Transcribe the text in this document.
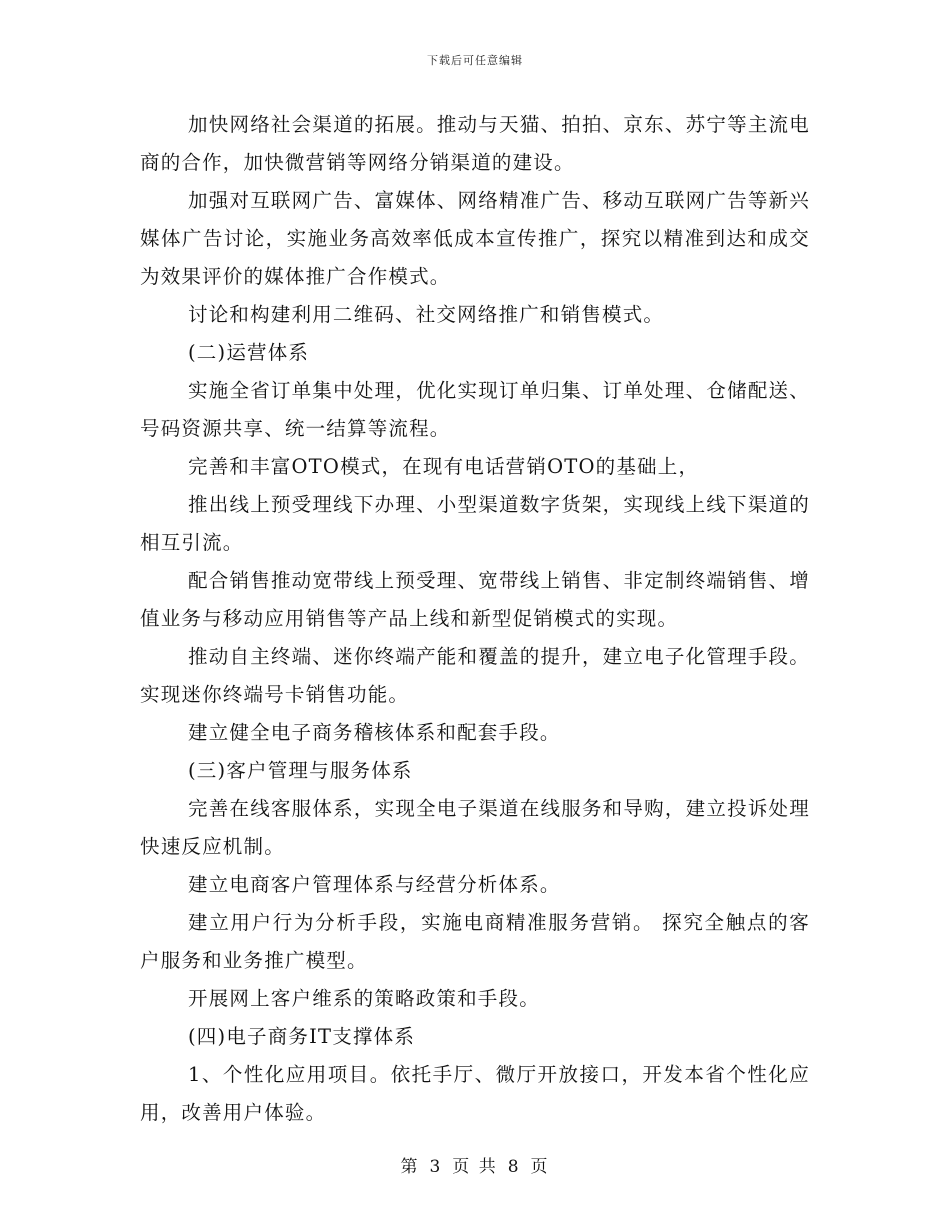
下载后可任意编辑

加快网络社会渠道的拓展。推动与天猫、拍拍、京东、苏宁等主流电商的合作，加快微营销等网络分销渠道的建设。

加强对互联网广告、富媒体、网络精准广告、移动互联网广告等新兴媒体广告讨论，实施业务高效率低成本宣传推广，探究以精准到达和成交为效果评价的媒体推广合作模式。

讨论和构建利用二维码、社交网络推广和销售模式。

(二)运营体系

实施全省订单集中处理，优化实现订单归集、订单处理、仓储配送、号码资源共享、统一结算等流程。

完善和丰富OTO模式，在现有电话营销OTO的基础上，

推出线上预受理线下办理、小型渠道数字货架，实现线上线下渠道的相互引流。

配合销售推动宽带线上预受理、宽带线上销售、非定制终端销售、增值业务与移动应用销售等产品上线和新型促销模式的实现。

推动自主终端、迷你终端产能和覆盖的提升，建立电子化管理手段。实现迷你终端号卡销售功能。

建立健全电子商务稽核体系和配套手段。

(三)客户管理与服务体系

完善在线客服体系，实现全电子渠道在线服务和导购，建立投诉处理快速反应机制。

建立电商客户管理体系与经营分析体系。

建立用户行为分析手段，实施电商精准服务营销。 探究全触点的客户服务和业务推广模型。

开展网上客户维系的策略政策和手段。

(四)电子商务IT支撑体系

1、个性化应用项目。依托手厅、微厅开放接口，开发本省个性化应用，改善用户体验。

第 3 页 共 8 页
